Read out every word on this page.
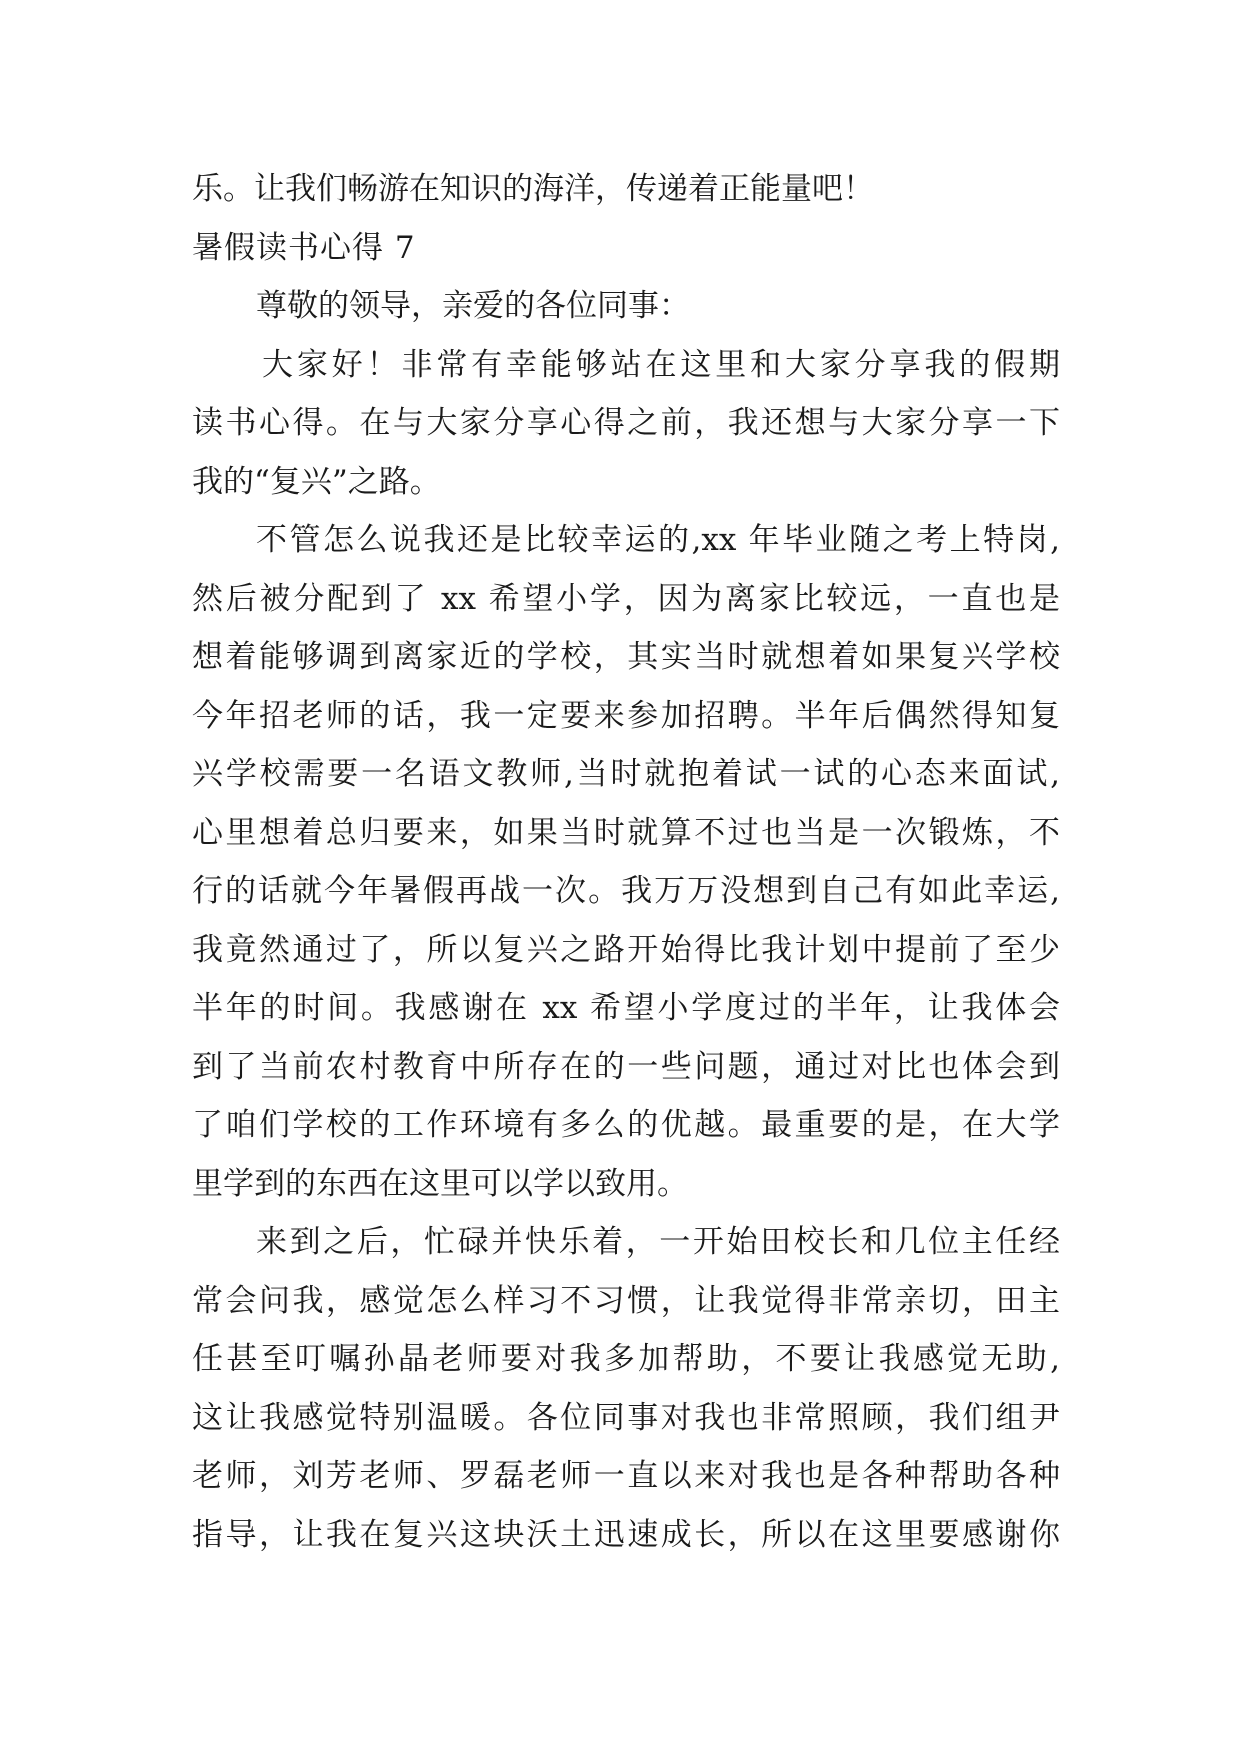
乐。让我们畅游在知识的海洋，传递着正能量吧！
暑假读书心得 7
尊敬的领导，亲爱的各位同事：
大家好！非常有幸能够站在这里和大家分享我的假期
读书心得。在与大家分享心得之前，我还想与大家分享一下
我的“复兴”之路。
不管怎么说我还是比较幸运的,xx 年毕业随之考上特岗,
然后被分配到了 xx 希望小学，因为离家比较远，一直也是
想着能够调到离家近的学校，其实当时就想着如果复兴学校
今年招老师的话，我一定要来参加招聘。半年后偶然得知复
兴学校需要一名语文教师,当时就抱着试一试的心态来面试,
心里想着总归要来，如果当时就算不过也当是一次锻炼，不
行的话就今年暑假再战一次。我万万没想到自己有如此幸运,
我竟然通过了，所以复兴之路开始得比我计划中提前了至少
半年的时间。我感谢在 xx 希望小学度过的半年，让我体会
到了当前农村教育中所存在的一些问题，通过对比也体会到
了咱们学校的工作环境有多么的优越。最重要的是，在大学
里学到的东西在这里可以学以致用。
来到之后，忙碌并快乐着，一开始田校长和几位主任经
常会问我，感觉怎么样习不习惯，让我觉得非常亲切，田主
任甚至叮嘱孙晶老师要对我多加帮助，不要让我感觉无助,
这让我感觉特别温暖。各位同事对我也非常照顾，我们组尹
老师，刘芳老师、罗磊老师一直以来对我也是各种帮助各种
指导，让我在复兴这块沃土迅速成长，所以在这里要感谢你
